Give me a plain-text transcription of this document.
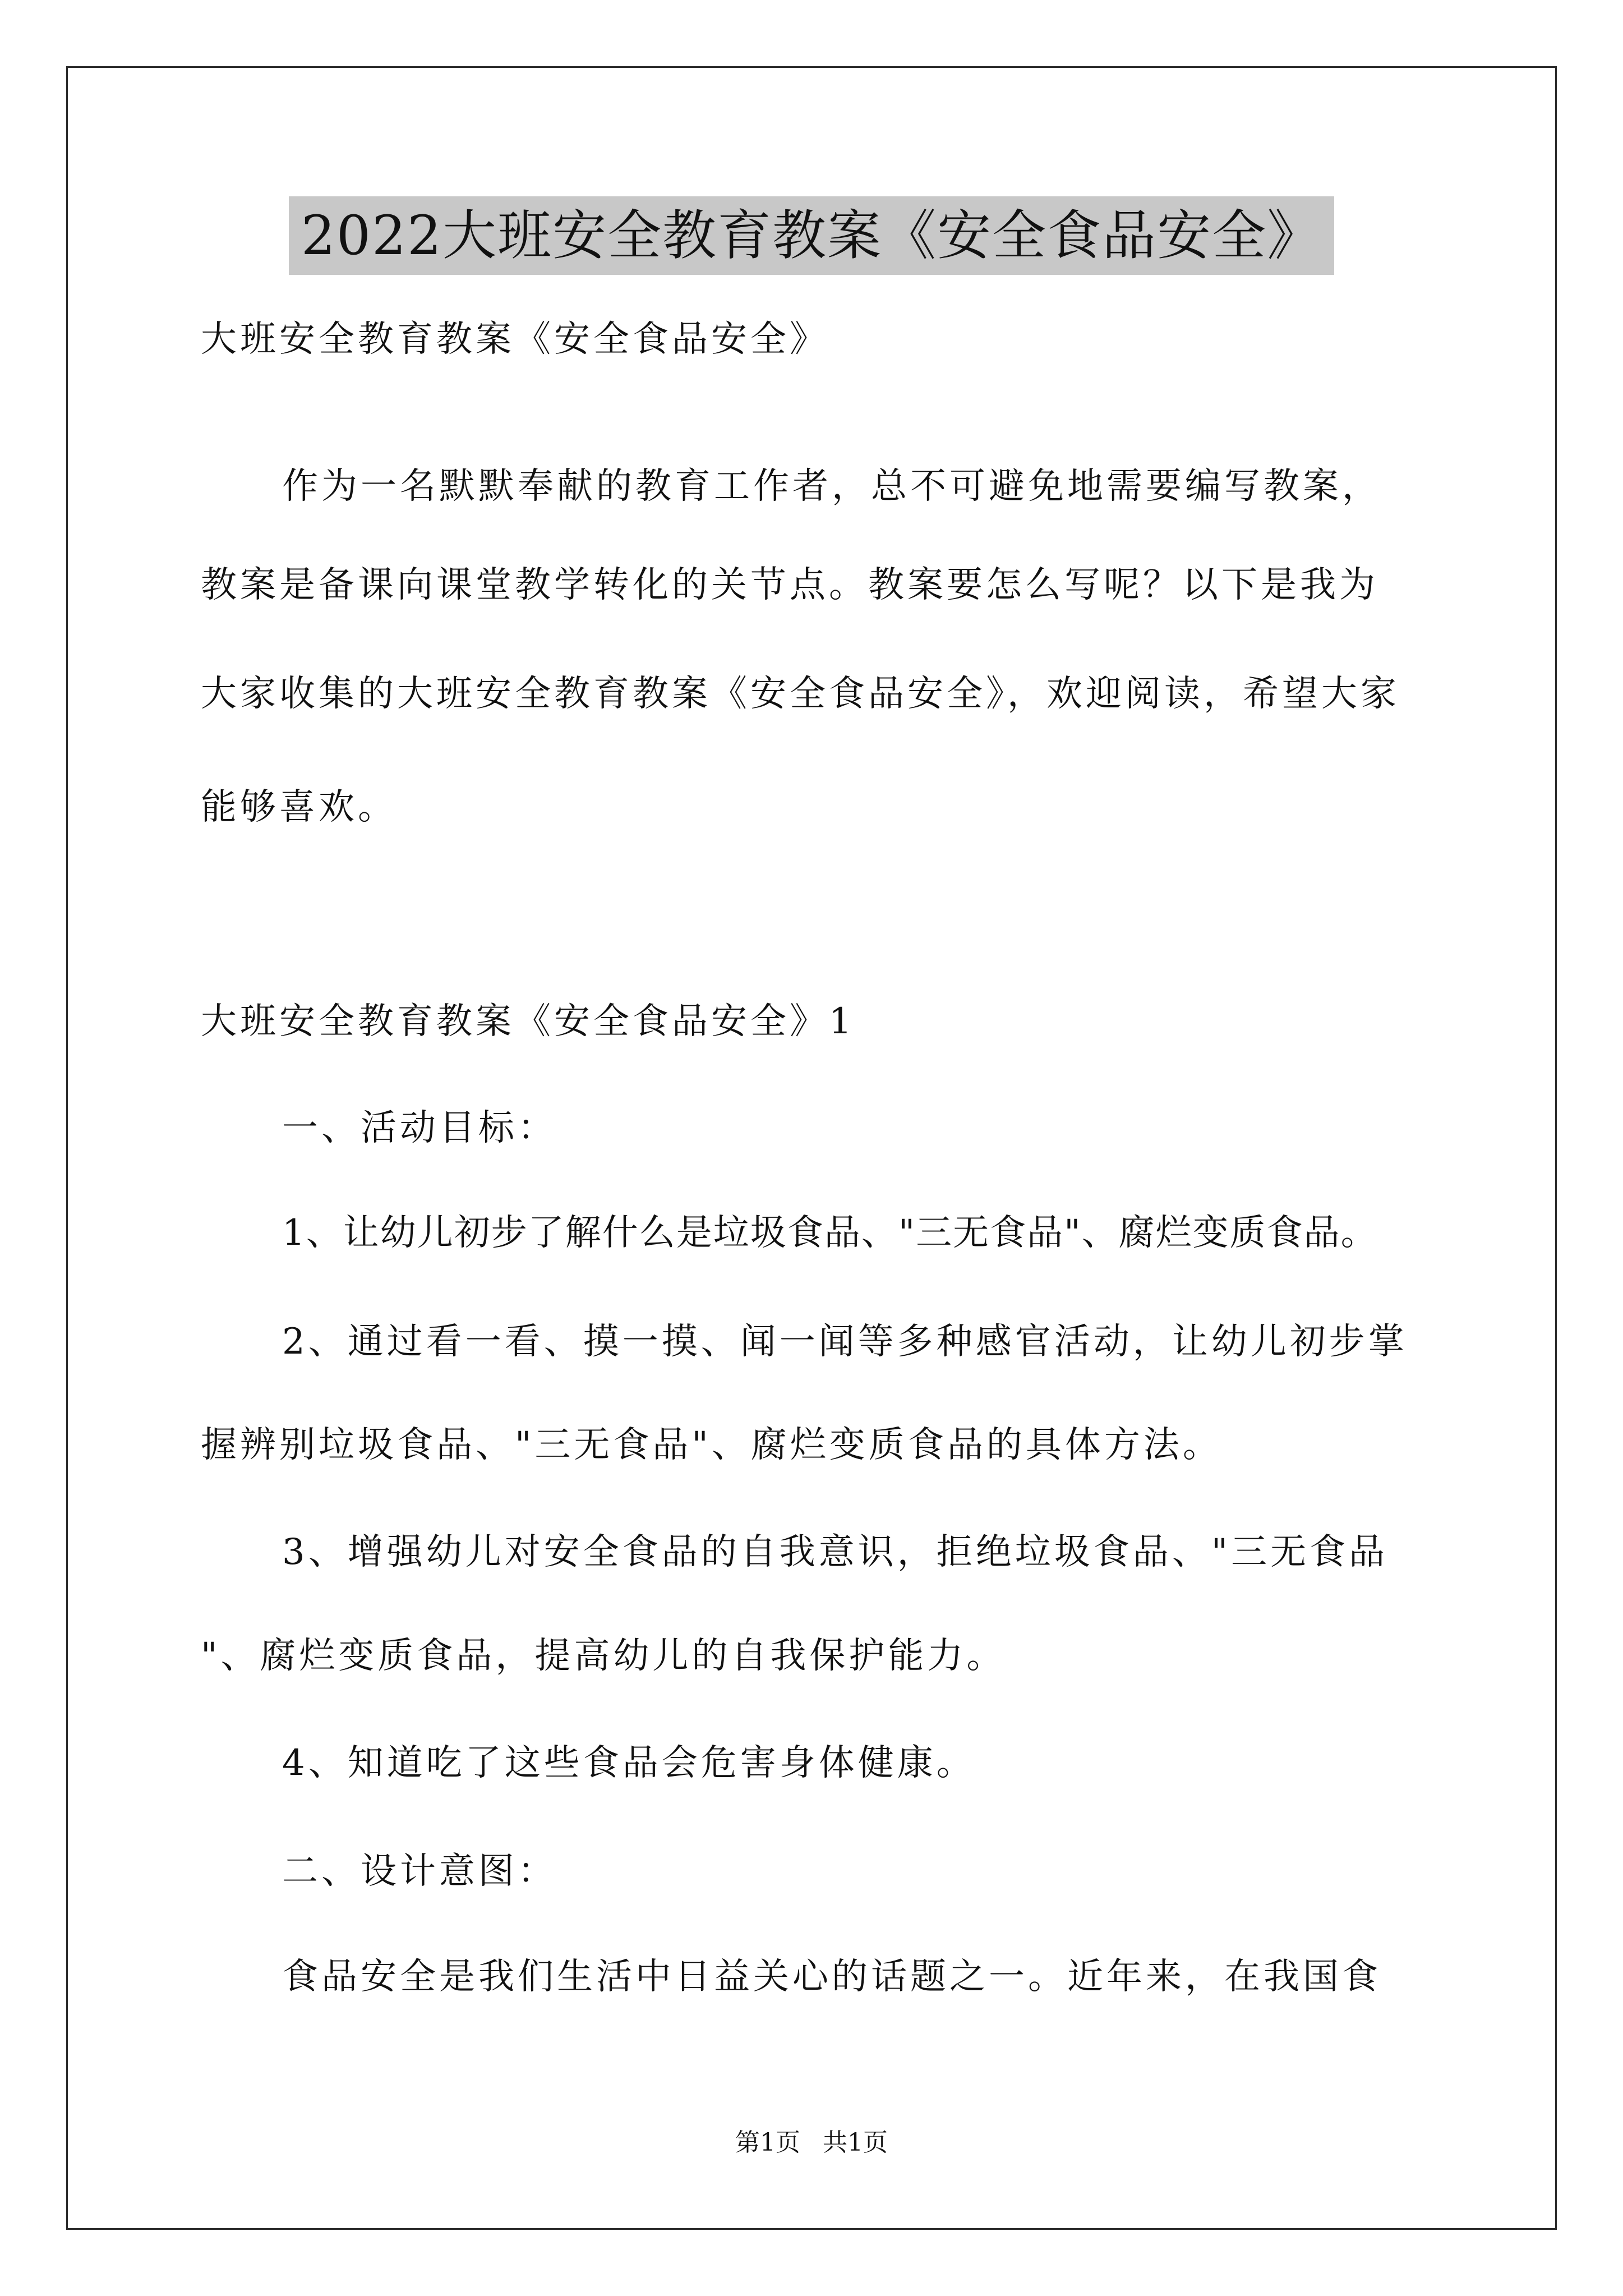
2022大班安全教育教案《安全食品安全》
大班安全教育教案《安全食品安全》
作为一名默默奉献的教育工作者，总不可避免地需要编写教案，
教案是备课向课堂教学转化的关节点。教案要怎么写呢？以下是我为
大家收集的大班安全教育教案《安全食品安全》，欢迎阅读，希望大家
能够喜欢。
大班安全教育教案《安全食品安全》1
一、活动目标：
1、让幼儿初步了解什么是垃圾食品、"三无食品"、腐烂变质食品。
2、通过看一看、摸一摸、闻一闻等多种感官活动，让幼儿初步掌
握辨别垃圾食品、"三无食品"、腐烂变质食品的具体方法。
3、增强幼儿对安全食品的自我意识，拒绝垃圾食品、"三无食品
"、腐烂变质食品，提高幼儿的自我保护能力。
4、知道吃了这些食品会危害身体健康。
二、设计意图：
食品安全是我们生活中日益关心的话题之一。近年来，在我国食
第1页 共1页
